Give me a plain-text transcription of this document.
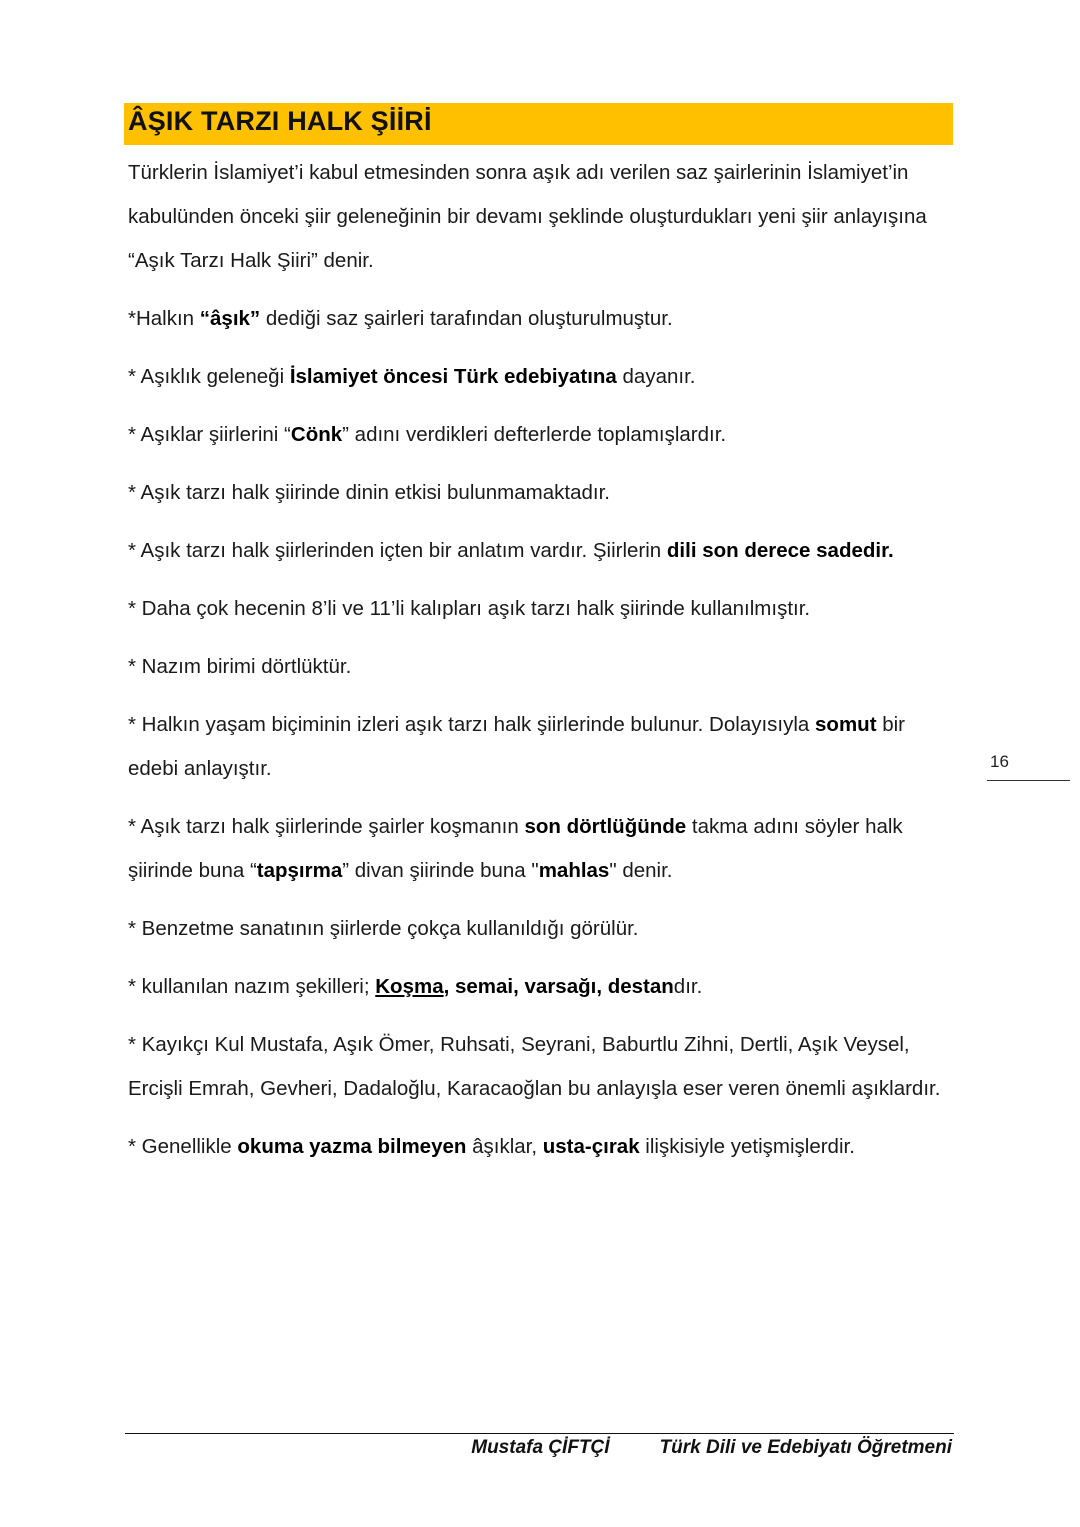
ÂŞIK TARZI HALK ŞİİRİ

Türklerin İslamiyet’i kabul etmesinden sonra aşık adı verilen saz şairlerinin İslamiyet’in kabulünden önceki şiir geleneğinin bir devamı şeklinde oluşturdukları yeni şiir anlayışına “Aşık Tarzı Halk Şiiri” denir.

*Halkın “âşık” dediği saz şairleri tarafından oluşturulmuştur.

* Aşıklık geleneği İslamiyet öncesi Türk edebiyatına dayanır.

* Aşıklar şiirlerini “Cönk” adını verdikleri defterlerde toplamışlardır.

* Aşık tarzı halk şiirinde dinin etkisi bulunmamaktadır.

* Aşık tarzı halk şiirlerinden içten bir anlatım vardır. Şiirlerin dili son derece sadedir.

* Daha çok hecenin 8’li ve 11’li kalıpları aşık tarzı halk şiirinde kullanılmıştır.

* Nazım birimi dörtlüktür.

* Halkın yaşam biçiminin izleri aşık tarzı halk şiirlerinde bulunur. Dolayısıyla somut bir edebi anlayıştır.

* Aşık tarzı halk şiirlerinde şairler koşmanın son dörtlüğünde takma adını söyler halk şiirinde buna “tapşırma” divan şiirinde buna "mahlas" denir.

* Benzetme sanatının şiirlerde çokça kullanıldığı görülür.

* kullanılan nazım şekilleri; Koşma, semai, varsağı, destandır.

* Kayıkçı Kul Mustafa, Aşık Ömer, Ruhsati, Seyrani, Baburtlu Zihni, Dertli, Aşık Veysel, Ercişli Emrah, Gevheri, Dadaloğlu, Karacaoğlan bu anlayışla eser veren önemli aşıklardır.

* Genellikle okuma yazma bilmeyen âşıklar, usta-çırak ilişkisiyle yetişmişlerdir.

16
Mustafa ÇİFTÇİ	Türk Dili ve Edebiyatı Öğretmeni
